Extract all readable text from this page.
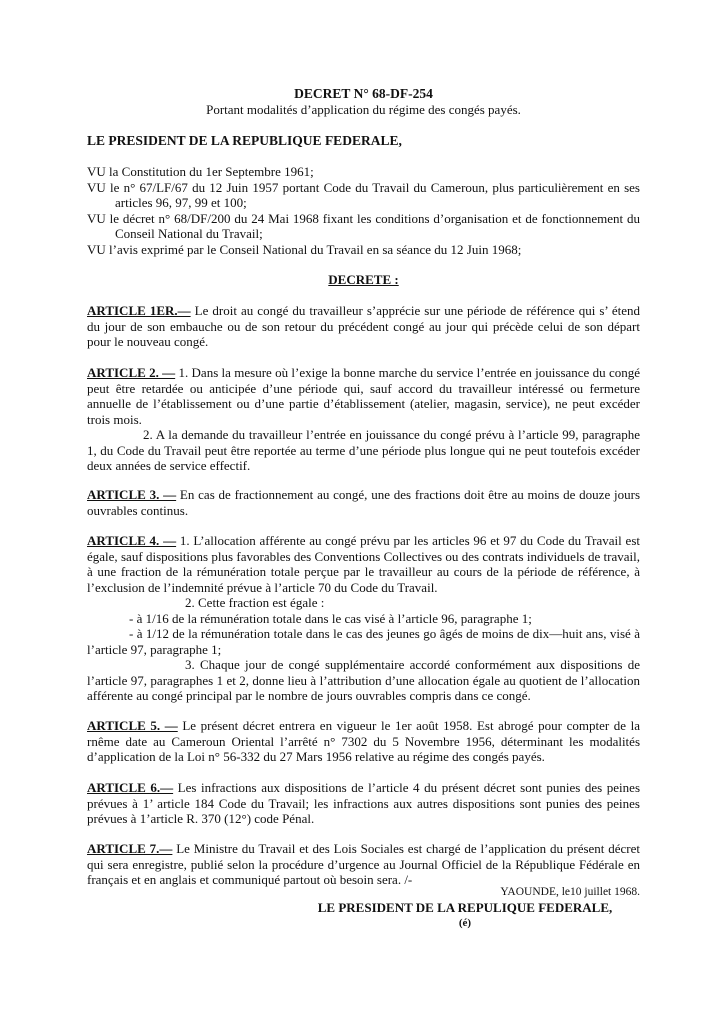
DECRET N° 68-DF-254
Portant modalités d’application du régime des congés payés.
LE PRESIDENT DE LA REPUBLIQUE FEDERALE,
VU la Constitution du 1er Septembre 1961;
VU le n° 67/LF/67 du 12 Juin 1957 portant Code du Travail du Cameroun, plus particulièrement en ses articles 96, 97, 99 et 100;
VU le décret n° 68/DF/200 du 24 Mai 1968 fixant les conditions d’organisation et de fonctionnement du Conseil National du Travail;
VU l’avis exprimé par le Conseil National du Travail en sa séance du 12 Juin 1968;
DECRETE :

ARTICLE 1ER.— Le droit au congé du travailleur s’apprécie sur une période de référence qui s’ étend du jour de son embauche ou de son retour du précédent congé au jour qui précède celui de son départ pour le nouveau congé.

ARTICLE 2. — 1. Dans la mesure où l’exige la bonne marche du service l’entrée en jouissance du congé peut être retardée ou anticipée d’une période qui, sauf accord du travailleur intéressé ou fermeture annuelle de l’établissement ou d’une partie d’établissement (atelier, magasin, service), ne peut excéder trois mois.

2. A la demande du travailleur l’entrée en jouissance du congé prévu à l’article 99, paragraphe 1, du Code du Travail peut être reportée au terme d’une période plus longue qui ne peut toutefois excéder deux années de service effectif.

ARTICLE 3. — En cas de fractionnement au congé, une des fractions doit être au moins de douze jours ouvrables continus.

ARTICLE 4. — 1. L’allocation afférente au congé prévu par les articles 96 et 97 du Code du Travail est égale, sauf dispositions plus favorables des Conventions Collectives ou des contrats individuels de travail, à une fraction de la rémunération totale perçue par le travailleur au cours de la période de référence, à l’exclusion de l’indemnité prévue à l’article 70 du Code du Travail.

2. Cette fraction est égale :

- à 1/16 de la rémunération totale dans le cas visé à l’article 96, paragraphe 1;

- à 1/12 de la rémunération totale dans le cas des jeunes go âgés de moins de dix—huit ans, visé à l’article 97, paragraphe 1;

3. Chaque jour de congé supplémentaire accordé conformément aux dispositions de l’article 97, paragraphes 1 et 2, donne lieu à l’attribution d’une allocation égale au quotient de l’allocation afférente au congé principal par le nombre de jours ouvrables compris dans ce congé.

ARTICLE 5. — Le présent décret entrera en vigueur le 1er août 1958. Est abrogé pour compter de la rnême date au Cameroun Oriental l’arrêté n° 7302 du 5 Novembre 1956, déterminant les modalités d’application de la Loi n° 56-332 du 27 Mars 1956 relative au régime des congés payés.

ARTICLE 6.— Les infractions aux dispositions de l’article 4 du présent décret sont punies des peines prévues à 1’ article 184 Code du Travail; les infractions aux autres dispositions sont punies des peines prévues à 1’article R. 370 (12°) code Pénal.

ARTICLE 7.— Le Ministre du Travail et des Lois Sociales est chargé de l’application du présent décret qui sera enregistre, publié selon la procédure d’urgence au Journal Officiel de la République Fédérale en français et en anglais et communiqué partout où besoin sera. /-

YAOUNDE, le10 juillet 1968.
LE PRESIDENT DE LA REPULIQUE FEDERALE,
(é)
